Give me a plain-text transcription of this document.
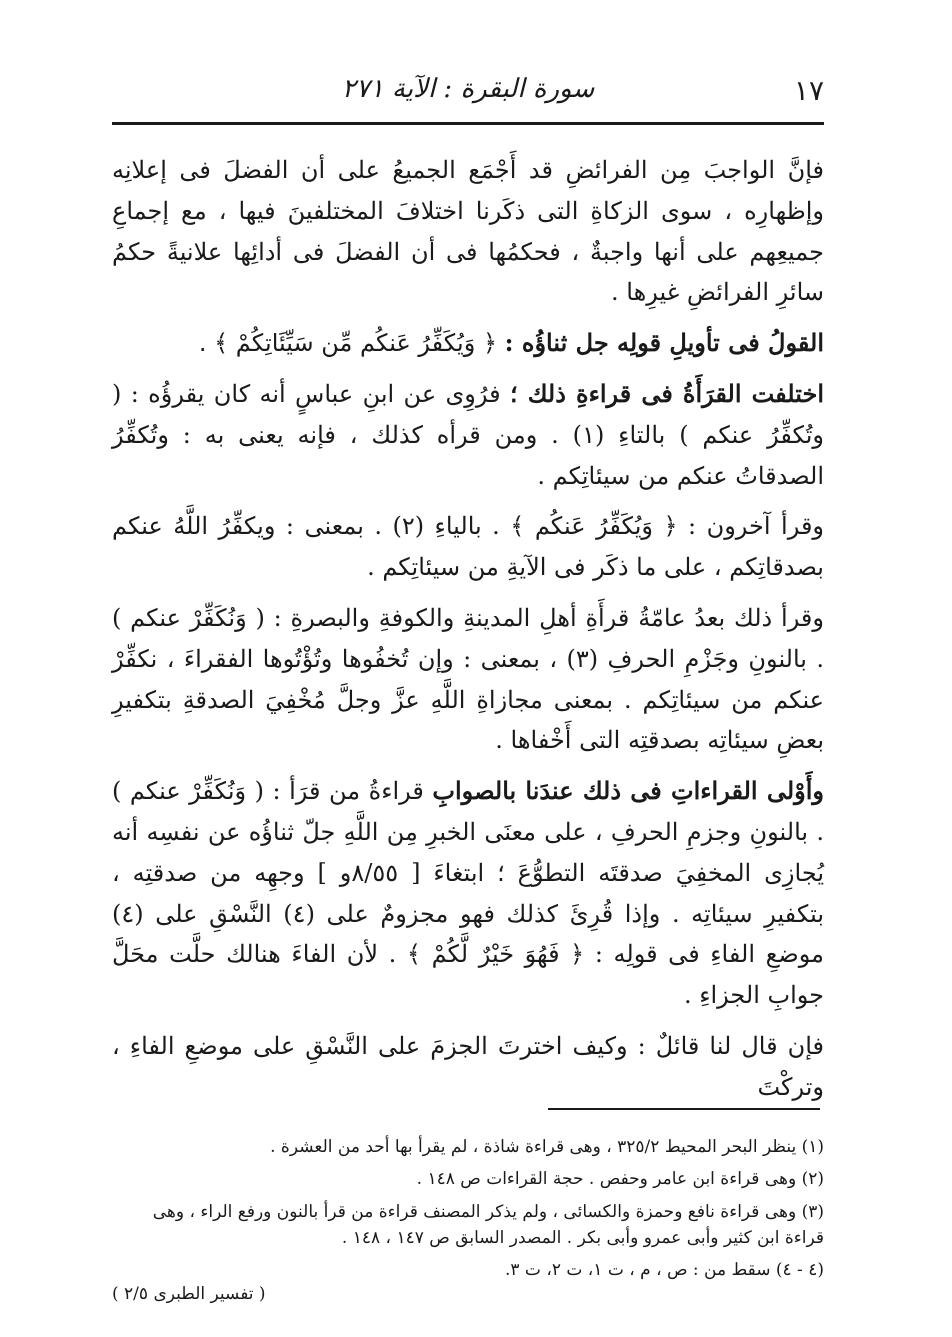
١٧
سورة البقرة : الآية ٢٧١

فإنَّ الواجبَ مِن الفرائضِ قد أَجْمَع الجميعُ على أن الفضلَ فى إعلانِه وإظهارِه ، سوى الزكاةِ التى ذكَرنا اختلافَ المختلفينَ فيها ، مع إجماعِ جميعِهم على أنها واجبةٌ ، فحكمُها فى أن الفضلَ فى أدائِها علانيةً حكمُ سائرِ الفرائضِ غيرِها .

القولُ فى تأويلِ قولِه جل ثناؤُه : ﴿ وَيُكَفِّرُ عَنكُم مِّن سَيِّئَاتِكُمْ ﴾ .

اختلفت القرَأَةُ فى قراءةِ ذلك ؛ فرُوِى عن ابنِ عباسٍ أنه كان يقرؤُه : ( وتُكفِّرُ عنكم ) بالتاءِ (١) . ومن قرأه كذلك ، فإنه يعنى به : وتُكفِّرُ الصدقاتُ عنكم من سيئاتِكم .

وقرأ آخرون : ﴿ وَيُكَفِّرُ عَنكُم ﴾ . بالياءِ (٢) . بمعنى : ويكفِّرُ اللَّهُ عنكم بصدقاتِكم ، على ما ذكَر فى الآيةِ من سيئاتِكم .

وقرأ ذلك بعدُ عامّةُ قرأَةِ أهلِ المدينةِ والكوفةِ والبصرةِ : ( وَنُكَفِّرْ عنكم ) . بالنونِ وجَزْمِ الحرفِ (٣) ، بمعنى : وإن تُخفُوها وتُؤْتُوها الفقراءَ ، نكفِّرْ عنكم من سيئاتِكم . بمعنى مجازاةِ اللَّهِ عزَّ وجلَّ مُخْفِيَ الصدقةِ بتكفيرِ بعضِ سيئاتِه بصدقتِه التى أَخْفاها .

وأَوْلى القراءاتِ فى ذلك عندَنا بالصوابِ قراءةُ من قرَأ : ( وَنُكَفِّرْ عنكم ) . بالنونِ وجزمِ الحرفِ ، على معنَى الخبرِ مِن اللَّهِ جلّ ثناؤُه عن نفسِه أنه يُجازِى المخفِيَ صدقتَه التطوُّعَ ؛ ابتغاءَ [ ٨/٥٥و ] وجهِه من صدقتِه ، بتكفيرِ سيئاتِه . وإذا قُرِئَ كذلك فهو مجزومٌ على (٤) النَّسْقِ على (٤) موضعِ الفاءِ فى قولِه : ﴿ فَهُوَ خَيْرٌ لَّكُمْ ﴾ . لأن الفاءَ هنالك حلَّت محَلَّ جوابِ الجزاءِ .

فإن قال لنا قائلٌ : وكيف اخترتَ الجزمَ على النَّسْقِ على موضعِ الفاءِ ، وتركْتَ

(١) ينظر البحر المحيط ٣٢٥/٢ ، وهى قراءة شاذة ، لم يقرأ بها أحد من العشرة .

(٢) وهى قراءة ابن عامر وحفص . حجة القراءات ص ١٤٨ .

(٣) وهى قراءة نافع وحمزة والكسائى ، ولم يذكر المصنف قراءة من قرأ بالنون ورفع الراء ، وهى قراءة ابن كثير وأبى عمرو وأبى بكر . المصدر السابق ص ١٤٧ ، ١٤٨ .

(٤ - ٤) سقط من : ص ، م ، ت ١، ت ٢، ت ٣.

( تفسير الطبرى ٢/٥ )
